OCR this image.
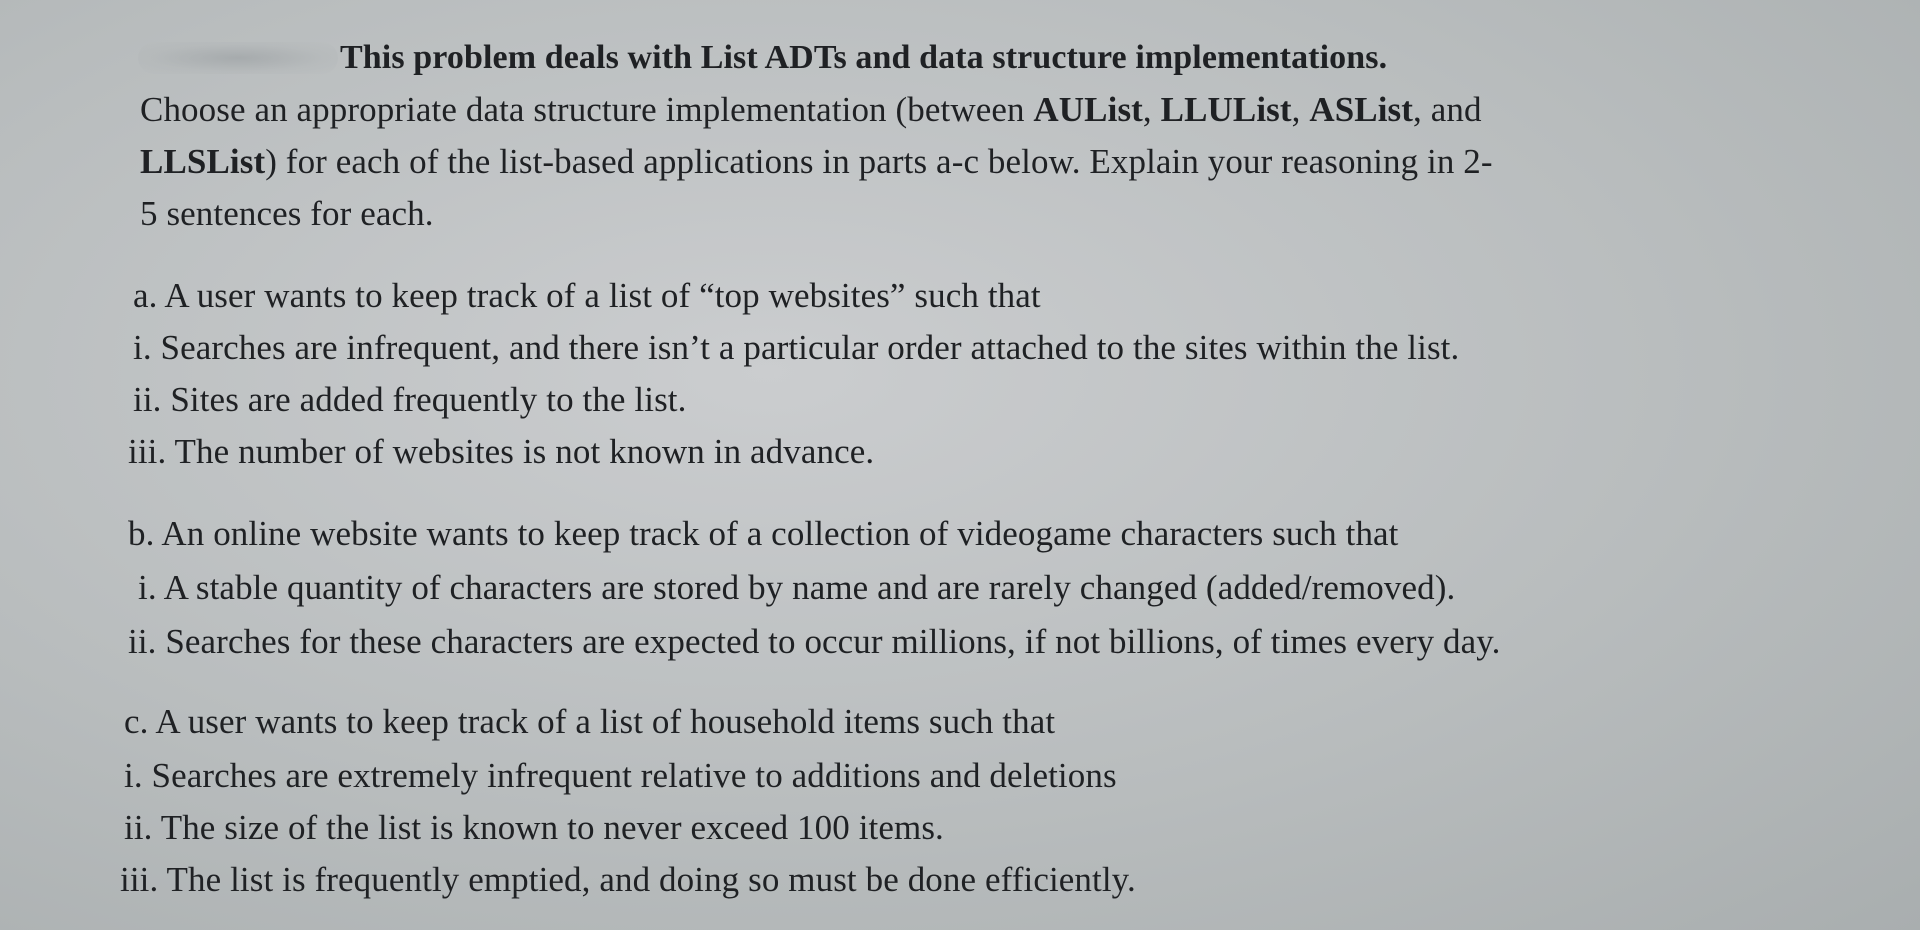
This problem deals with List ADTs and data structure implementations.
Choose an appropriate data structure implementation (between AUList, LLUList, ASList, and
LLSList) for each of the list-based applications in parts a-c below. Explain your reasoning in 2-
5 sentences for each.
a. A user wants to keep track of a list of “top websites” such that
i. Searches are infrequent, and there isn’t a particular order attached to the sites within the list.
ii. Sites are added frequently to the list.
iii. The number of websites is not known in advance.
b. An online website wants to keep track of a collection of videogame characters such that
i. A stable quantity of characters are stored by name and are rarely changed (added/removed).
ii. Searches for these characters are expected to occur millions, if not billions, of times every day.
c. A user wants to keep track of a list of household items such that
i. Searches are extremely infrequent relative to additions and deletions
ii. The size of the list is known to never exceed 100 items.
iii. The list is frequently emptied, and doing so must be done efficiently.
